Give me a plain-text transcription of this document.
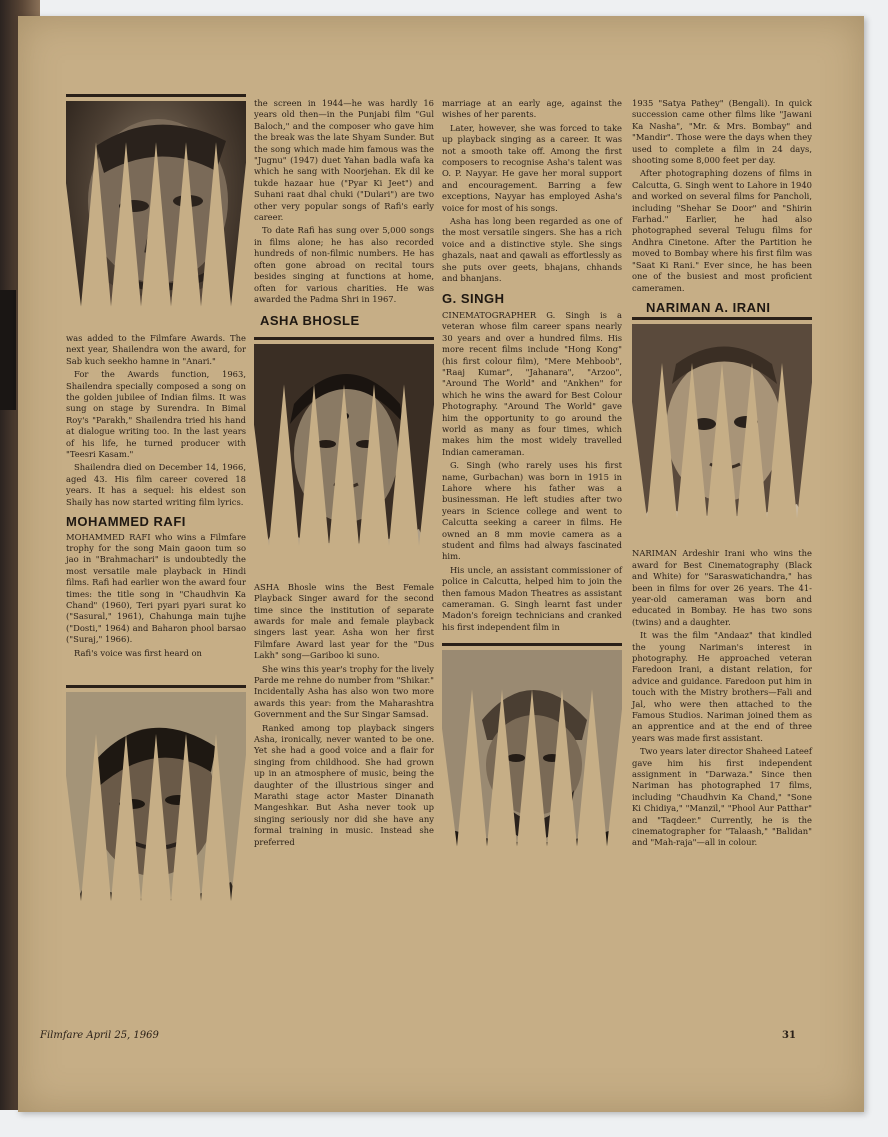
was added to the Filmfare Awards. The next year, Shailendra won the award, for Sab kuch seekho hamne in "Anari."

For the Awards function, 1963, Shailendra specially composed a song on the golden jubilee of Indian films. It was sung on stage by Surendra. In Bimal Roy's "Parakh," Shailendra tried his hand at dialogue writing too. In the last years of his life, he turned producer with "Teesri Kasam."

Shailendra died on December 14, 1966, aged 43. His film career covered 18 years. It has a sequel: his eldest son Shaily has now started writing film lyrics.

MOHAMMED RAFI

MOHAMMED RAFI who wins a Filmfare trophy for the song Main gaoon tum so jao in "Brahmachari" is undoubtedly the most versatile male playback in Hindi films. Rafi had earlier won the award four times: the title song in "Chaudhvin Ka Chand" (1960), Teri pyari pyari surat ko ("Sasural," 1961), Chahunga main tujhe ("Dosti," 1964) and Baharon phool barsao ("Suraj," 1966).

Rafi's voice was first heard on

the screen in 1944—he was hardly 16 years old then—in the Punjabi film "Gul Baloch," and the composer who gave him the break was the late Shyam Sunder. But the song which made him famous was the "Jugnu" (1947) duet Yahan badla wafa ka which he sang with Noorjehan. Ek dil ke tukde hazaar hue ("Pyar Ki Jeet") and Suhani raat dhal chuki ("Dulari") are two other very popular songs of Rafi's early career.

To date Rafi has sung over 5,000 songs in films alone; he has also recorded hundreds of non-filmic numbers. He has often gone abroad on recital tours besides singing at functions at home, often for various charities. He was awarded the Padma Shri in 1967.

ASHA BHOSLE

ASHA Bhosle wins the Best Female Playback Singer award for the second time since the institution of separate awards for male and female playback singers last year. Asha won her first Filmfare Award last year for the "Dus Lakh" song—Gariboo ki suno.

She wins this year's trophy for the lively Parde me rehne do number from "Shikar." Incidentally Asha has also won two more awards this year: from the Maharashtra Government and the Sur Singar Samsad.

Ranked among top playback singers Asha, ironically, never wanted to be one. Yet she had a good voice and a flair for singing from childhood. She had grown up in an atmosphere of music, being the daughter of the illustrious singer and Marathi stage actor Master Dinanath Mangeshkar. But Asha never took up singing seriously nor did she have any formal training in music. Instead she preferred

marriage at an early age, against the wishes of her parents.

Later, however, she was forced to take up playback singing as a career. It was not a smooth take off. Among the first composers to recognise Asha's talent was O. P. Nayyar. He gave her moral support and encouragement. Barring a few exceptions, Nayyar has employed Asha's voice for most of his songs.

Asha has long been regarded as one of the most versatile singers. She has a rich voice and a distinctive style. She sings ghazals, naat and qawali as effortlessly as she puts over geets, bhajans, chhands and bhanjans.

G. SINGH

CINEMATOGRAPHER G. Singh is a veteran whose film career spans nearly 30 years and over a hundred films. His more recent films include "Hong Kong" (his first colour film), "Mere Mehboob", "Raaj Kumar", "Jahanara", "Arzoo", "Around The World" and "Ankhen" for which he wins the award for Best Colour Photography. "Around The World" gave him the opportunity to go around the world as many as four times, which makes him the most widely travelled Indian cameraman.

G. Singh (who rarely uses his first name, Gurbachan) was born in 1915 in Lahore where his father was a businessman. He left studies after two years in Science college and went to Calcutta seeking a career in films. He owned an 8 mm movie camera as a student and films had always fascinated him.

His uncle, an assistant commissioner of police in Calcutta, helped him to join the then famous Madon Theatres as assistant cameraman. G. Singh learnt fast under Madon's foreign technicians and cranked his first independent film in

1935 "Satya Pathey" (Bengali). In quick succession came other films like "Jawani Ka Nasha", "Mr. & Mrs. Bombay" and "Mandir". Those were the days when they used to complete a film in 24 days, shooting some 8,000 feet per day.

After photographing dozens of films in Calcutta, G. Singh went to Lahore in 1940 and worked on several films for Pancholi, including "Shehar Se Door" and "Shirin Farhad." Earlier, he had also photographed several Telugu films for Andhra Cinetone. After the Partition he moved to Bombay where his first film was "Saat Ki Rani." Ever since, he has been one of the busiest and most proficient cameramen.

NARIMAN A. IRANI

NARIMAN Ardeshir Irani who wins the award for Best Cinematography (Black and White) for "Saraswatichandra," has been in films for over 26 years. The 41-year-old cameraman was born and educated in Bombay. He has two sons (twins) and a daughter.

It was the film "Andaaz" that kindled the young Nariman's interest in photography. He approached veteran Faredoon Irani, a distant relation, for advice and guidance. Faredoon put him in touch with the Mistry brothers—Fali and Jal, who were then attached to the Famous Studios. Nariman joined them as an apprentice and at the end of three years was made first assistant.

Two years later director Shaheed Lateef gave him his first independent assignment in "Darwaza." Since then Nariman has photographed 17 films, including "Chaudhvin Ka Chand," "Sone Ki Chidiya," "Manzil," "Phool Aur Patthar" and "Taqdeer." Currently, he is the cinematographer for "Talaash," "Balidan" and "Mah-raja"—all in colour.

Filmfare April 25, 1969	31
